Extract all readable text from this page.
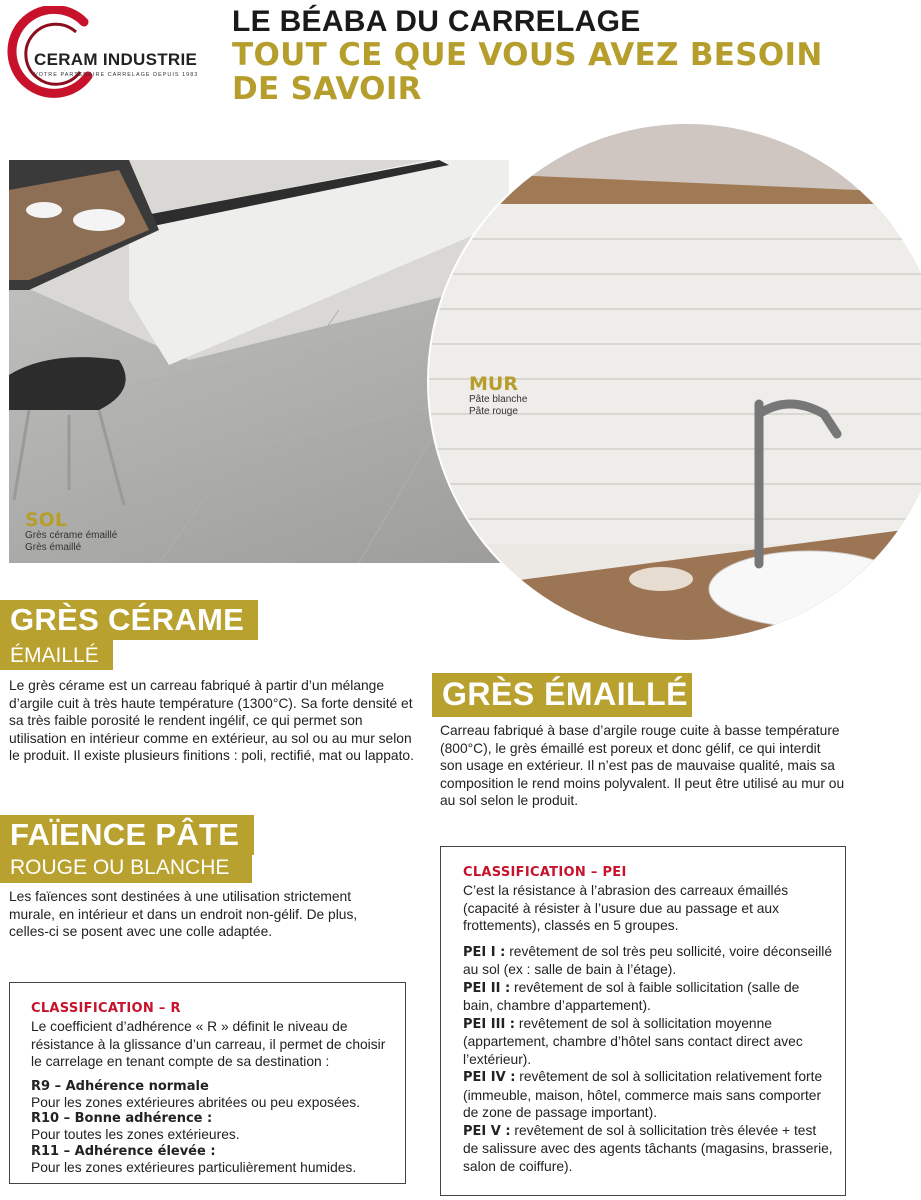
CERAM INDUSTRIE
VOTRE PARTENAIRE CARRELAGE DEPUIS 1983
LE BÉABA DU CARRELAGE
TOUT CE QUE VOUS AVEZ BESOIN DE SAVOIR
SOL
Grès cérame émaillé
Grès émaillé
MUR
Pâte blanche
Pâte rouge
GRÈS CÉRAME
ÉMAILLÉ

Le grès cérame est un carreau fabriqué à partir d’un mélange d’argile cuit à très haute température (1300°C). Sa forte densité et sa très faible porosité le rendent ingélif, ce qui permet son utilisation en intérieur comme en extérieur, au sol ou au mur selon le produit. Il existe plusieurs finitions : poli, rectifié, mat ou lappato.

GRÈS ÉMAILLÉ

Carreau fabriqué à base d’argile rouge cuite à basse température (800°C), le grès émaillé est poreux et donc gélif, ce qui interdit son usage en extérieur. Il n’est pas de mauvaise qualité, mais sa composition le rend moins polyvalent. Il peut être utilisé au mur ou au sol selon le produit.

FAÏENCE PÂTE
ROUGE OU BLANCHE

Les faïences sont destinées à une utilisation strictement murale, en intérieur et dans un endroit non-gélif. De plus, celles-ci se posent avec une colle adaptée.

CLASSIFICATION – R

Le coefficient d’adhérence « R » définit le niveau de résistance à la glissance d’un carreau, il permet de choisir le carrelage en tenant compte de sa destination :

R9 – Adhérence normale
Pour les zones extérieures abritées ou peu exposées.
R10 – Bonne adhérence :
Pour toutes les zones extérieures.
R11 – Adhérence élevée :
Pour les zones extérieures particulièrement humides.
CLASSIFICATION – PEI

C’est la résistance à l’abrasion des carreaux émaillés (capacité à résister à l’usure due au passage et aux frottements), classés en 5 groupes.

PEI I : revêtement de sol très peu sollicité, voire déconseillé au sol (ex : salle de bain à l’étage).

PEI II : revêtement de sol à faible sollicitation (salle de bain, chambre d’appartement).

PEI III : revêtement de sol à sollicitation moyenne (appartement, chambre d’hôtel sans contact direct avec l’extérieur).

PEI IV : revêtement de sol à sollicitation relativement forte (immeuble, maison, hôtel, commerce mais sans comporter de zone de passage important).

PEI V : revêtement de sol à sollicitation très élevée + test de salissure avec des agents tâchants (magasins, brasserie, salon de coiffure).
